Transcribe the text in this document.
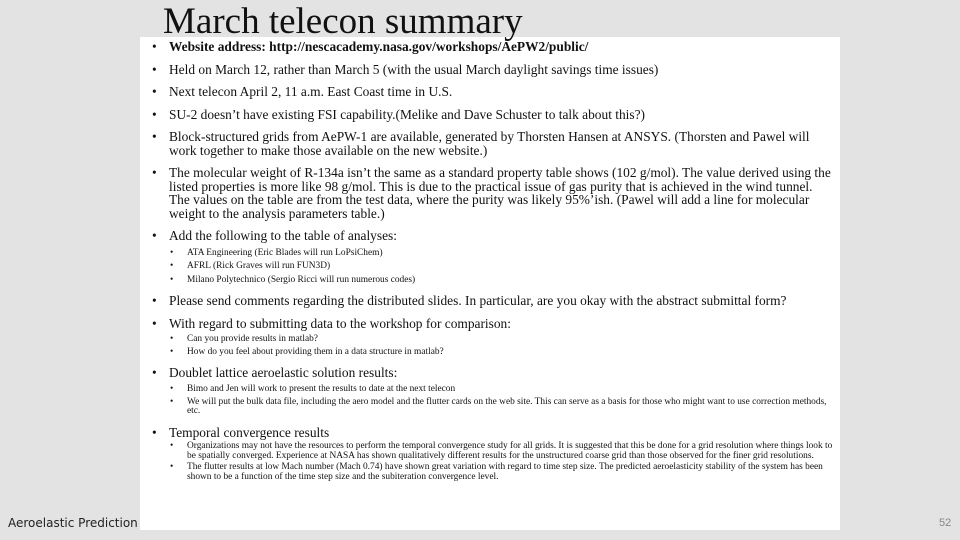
March telecon summary
• Website address: http://nescacademy.nasa.gov/workshops/AePW2/public/
• Held on March 12, rather than March 5 (with the usual March daylight savings time issues)
• Next telecon April 2, 11 a.m. East Coast time in U.S.
• SU-2 doesn’t have existing FSI capability.(Melike and Dave Schuster to talk about this?)
• Block-structured grids from AePW-1 are available, generated by Thorsten Hansen at ANSYS. (Thorsten and Pawel will work together to make those available on the new website.)
• The molecular weight of R-134a isn’t the same as a standard property table shows (102 g/mol). The value derived using the listed properties is more like 98 g/mol. This is due to the practical issue of gas purity that is achieved in the wind tunnel. The values on the table are from the test data, where the purity was likely 95%’ish. (Pawel will add a line for molecular weight to the analysis parameters table.)
• Add the following to the table of analyses:
• ATA Engineering (Eric Blades will run LoPsiChem)
• AFRL (Rick Graves will run FUN3D)
• Milano Polytechnico (Sergio Ricci will run numerous codes)
• Please send comments regarding the distributed slides. In particular, are you okay with the abstract submittal form?
• With regard to submitting data to the workshop for comparison:
• Can you provide results in matlab?
• How do you feel about providing them in a data structure in matlab?
• Doublet lattice aeroelastic solution results:
• Bimo and Jen will work to present the results to date at the next telecon
• We will put the bulk data file, including the aero model and the flutter cards on the web site. This can serve as a basis for those who might want to use correction methods, etc.
• Temporal convergence results
• Organizations may not have the resources to perform the temporal convergence study for all grids. It is suggested that this be done for a grid resolution where things look to be spatially converged. Experience at NASA has shown qualitatively different results for the unstructured coarse grid than those observed for the finer grid resolutions.
• The flutter results at low Mach number (Mach 0.74) have shown great variation with regard to time step size. The predicted aeroelasticity stability of the system has been shown to be a function of the time step size and the subiteration convergence level.
Aeroelastic Prediction	52
